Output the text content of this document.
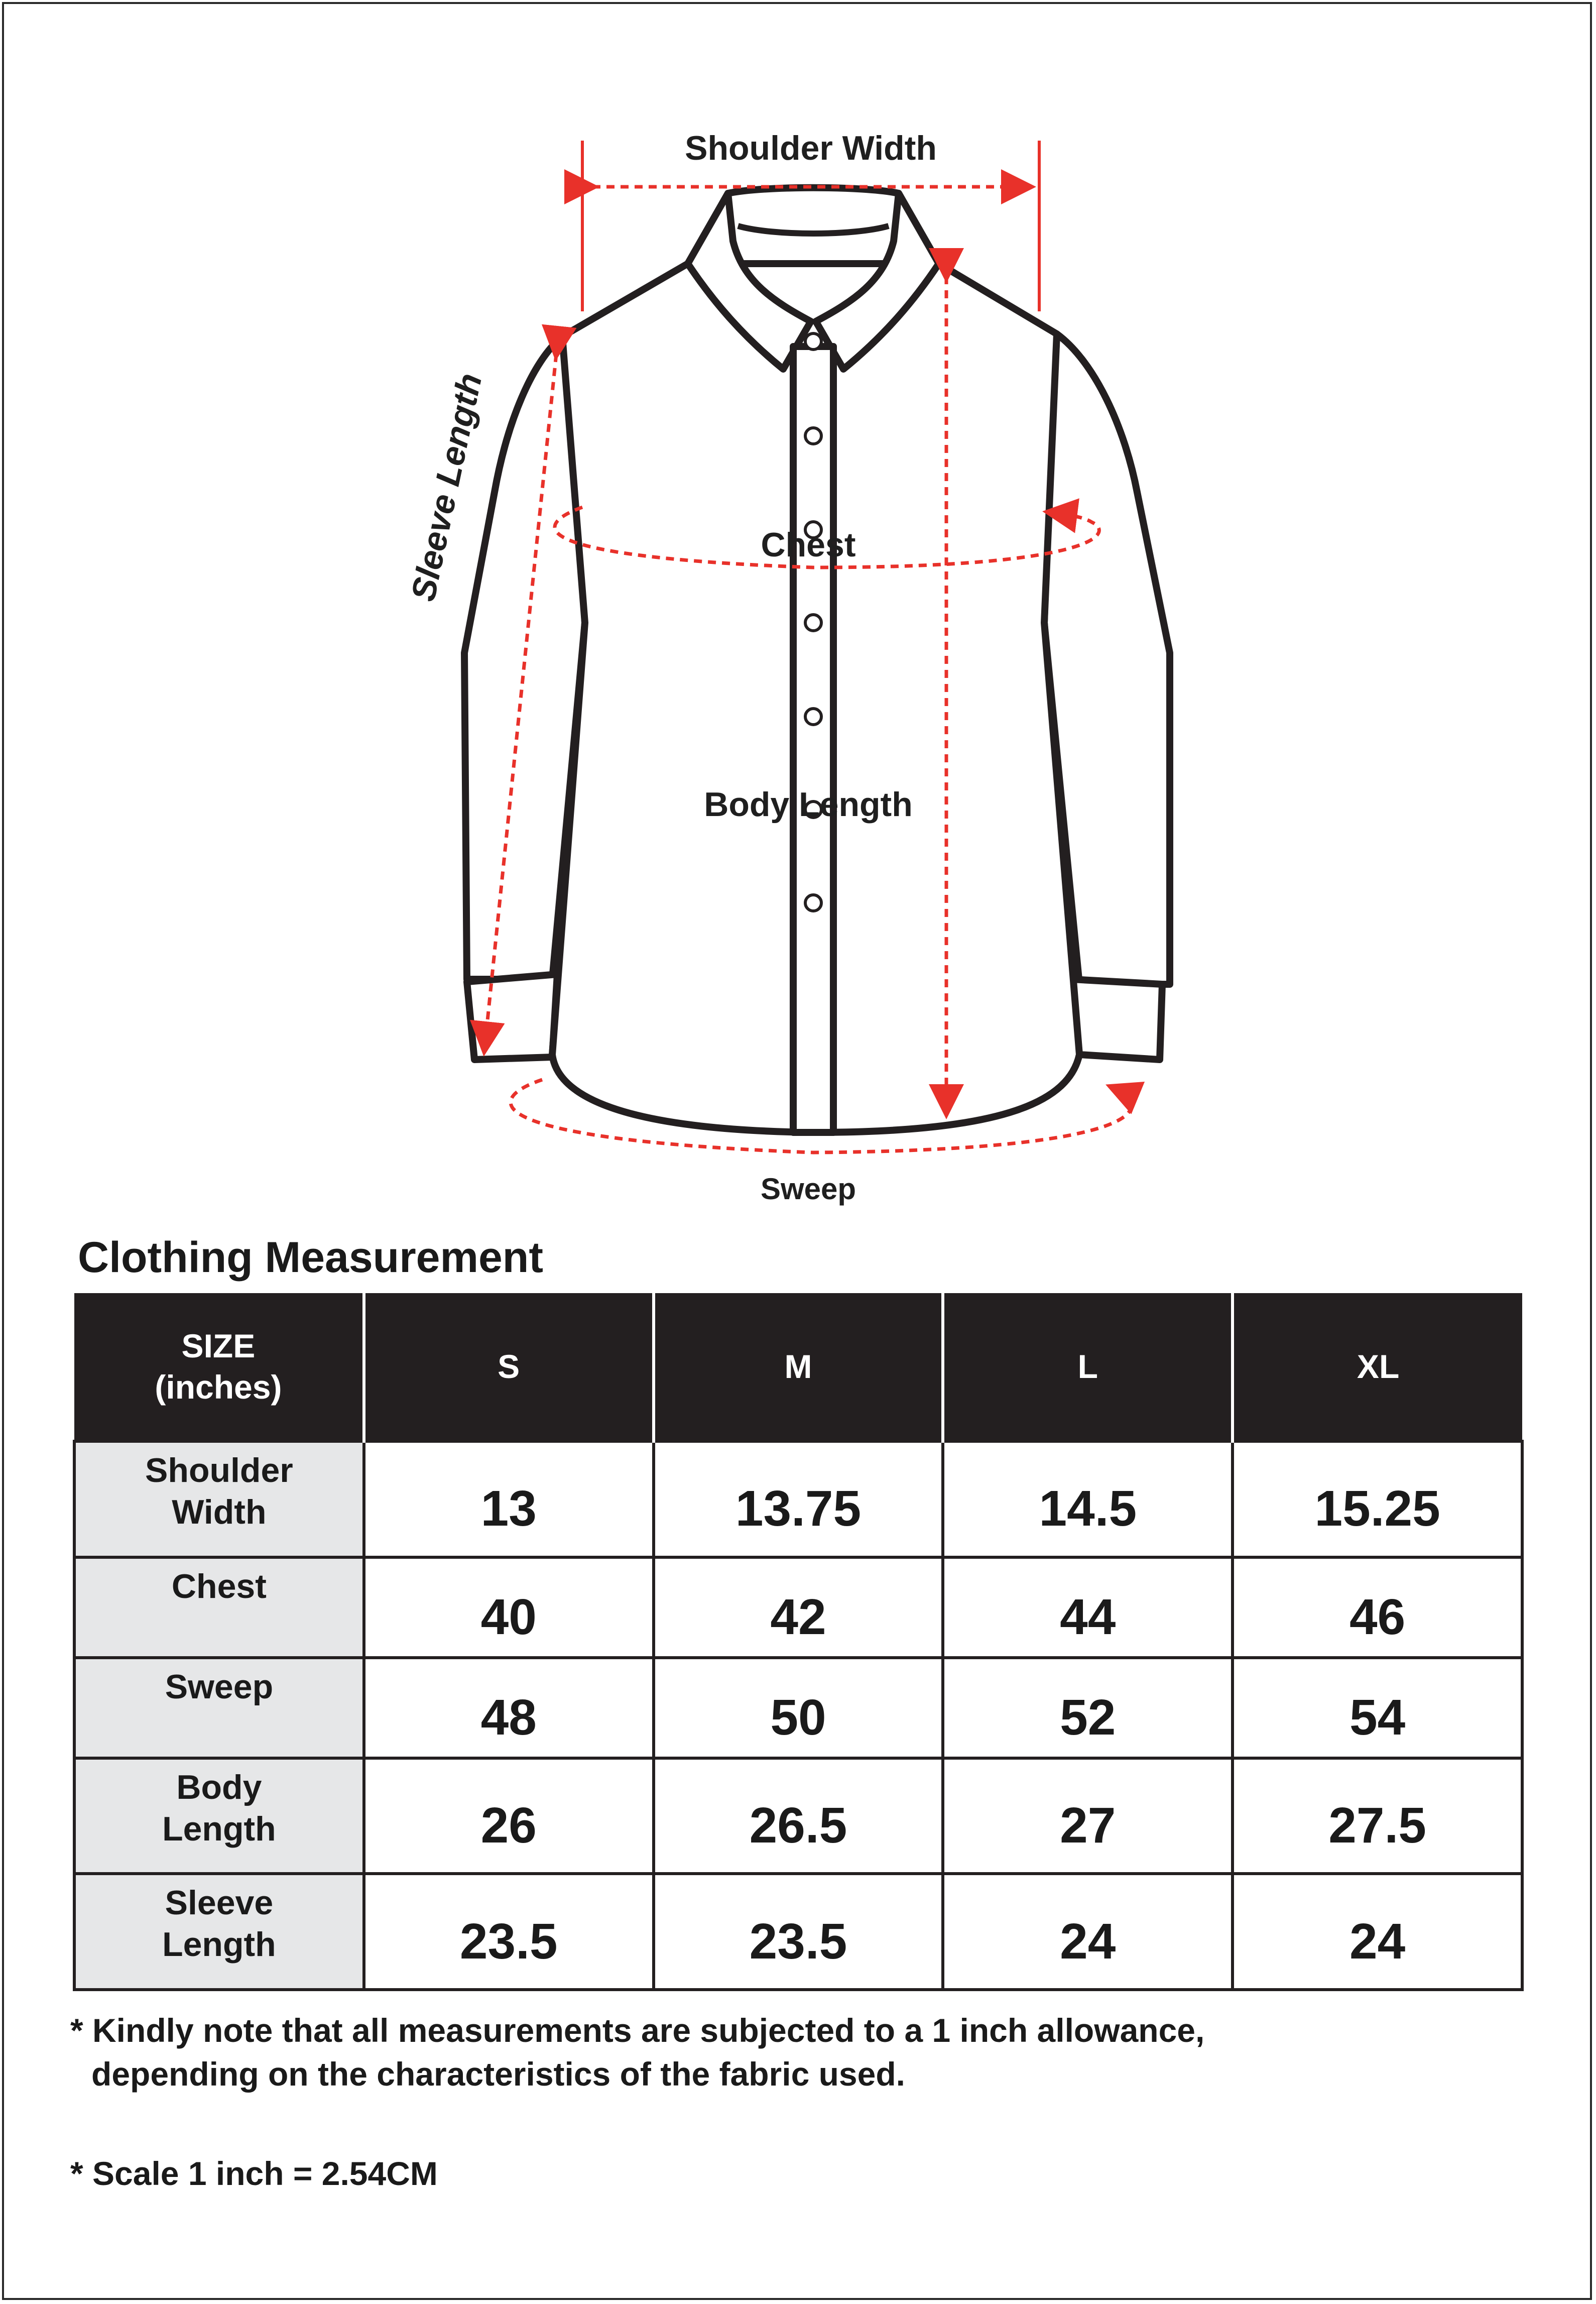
Shoulder Width
Sleeve Length	Chest
Body Length
Sweep
Clothing Measurement
SIZE
(inches)	S	M	L	XL
Shoulder
Width	13	13.75	14.5	15.25
Chest	40	42	44	46
Sweep	48	50	52	54
Body
Length	26	26.5	27	27.5
Sleeve
Length	23.5	23.5	24	24
* Kindly note that all measurements are subjected to a 1 inch allowance,
depending on the characteristics of the fabric used.
* Scale 1 inch = 2.54CM
